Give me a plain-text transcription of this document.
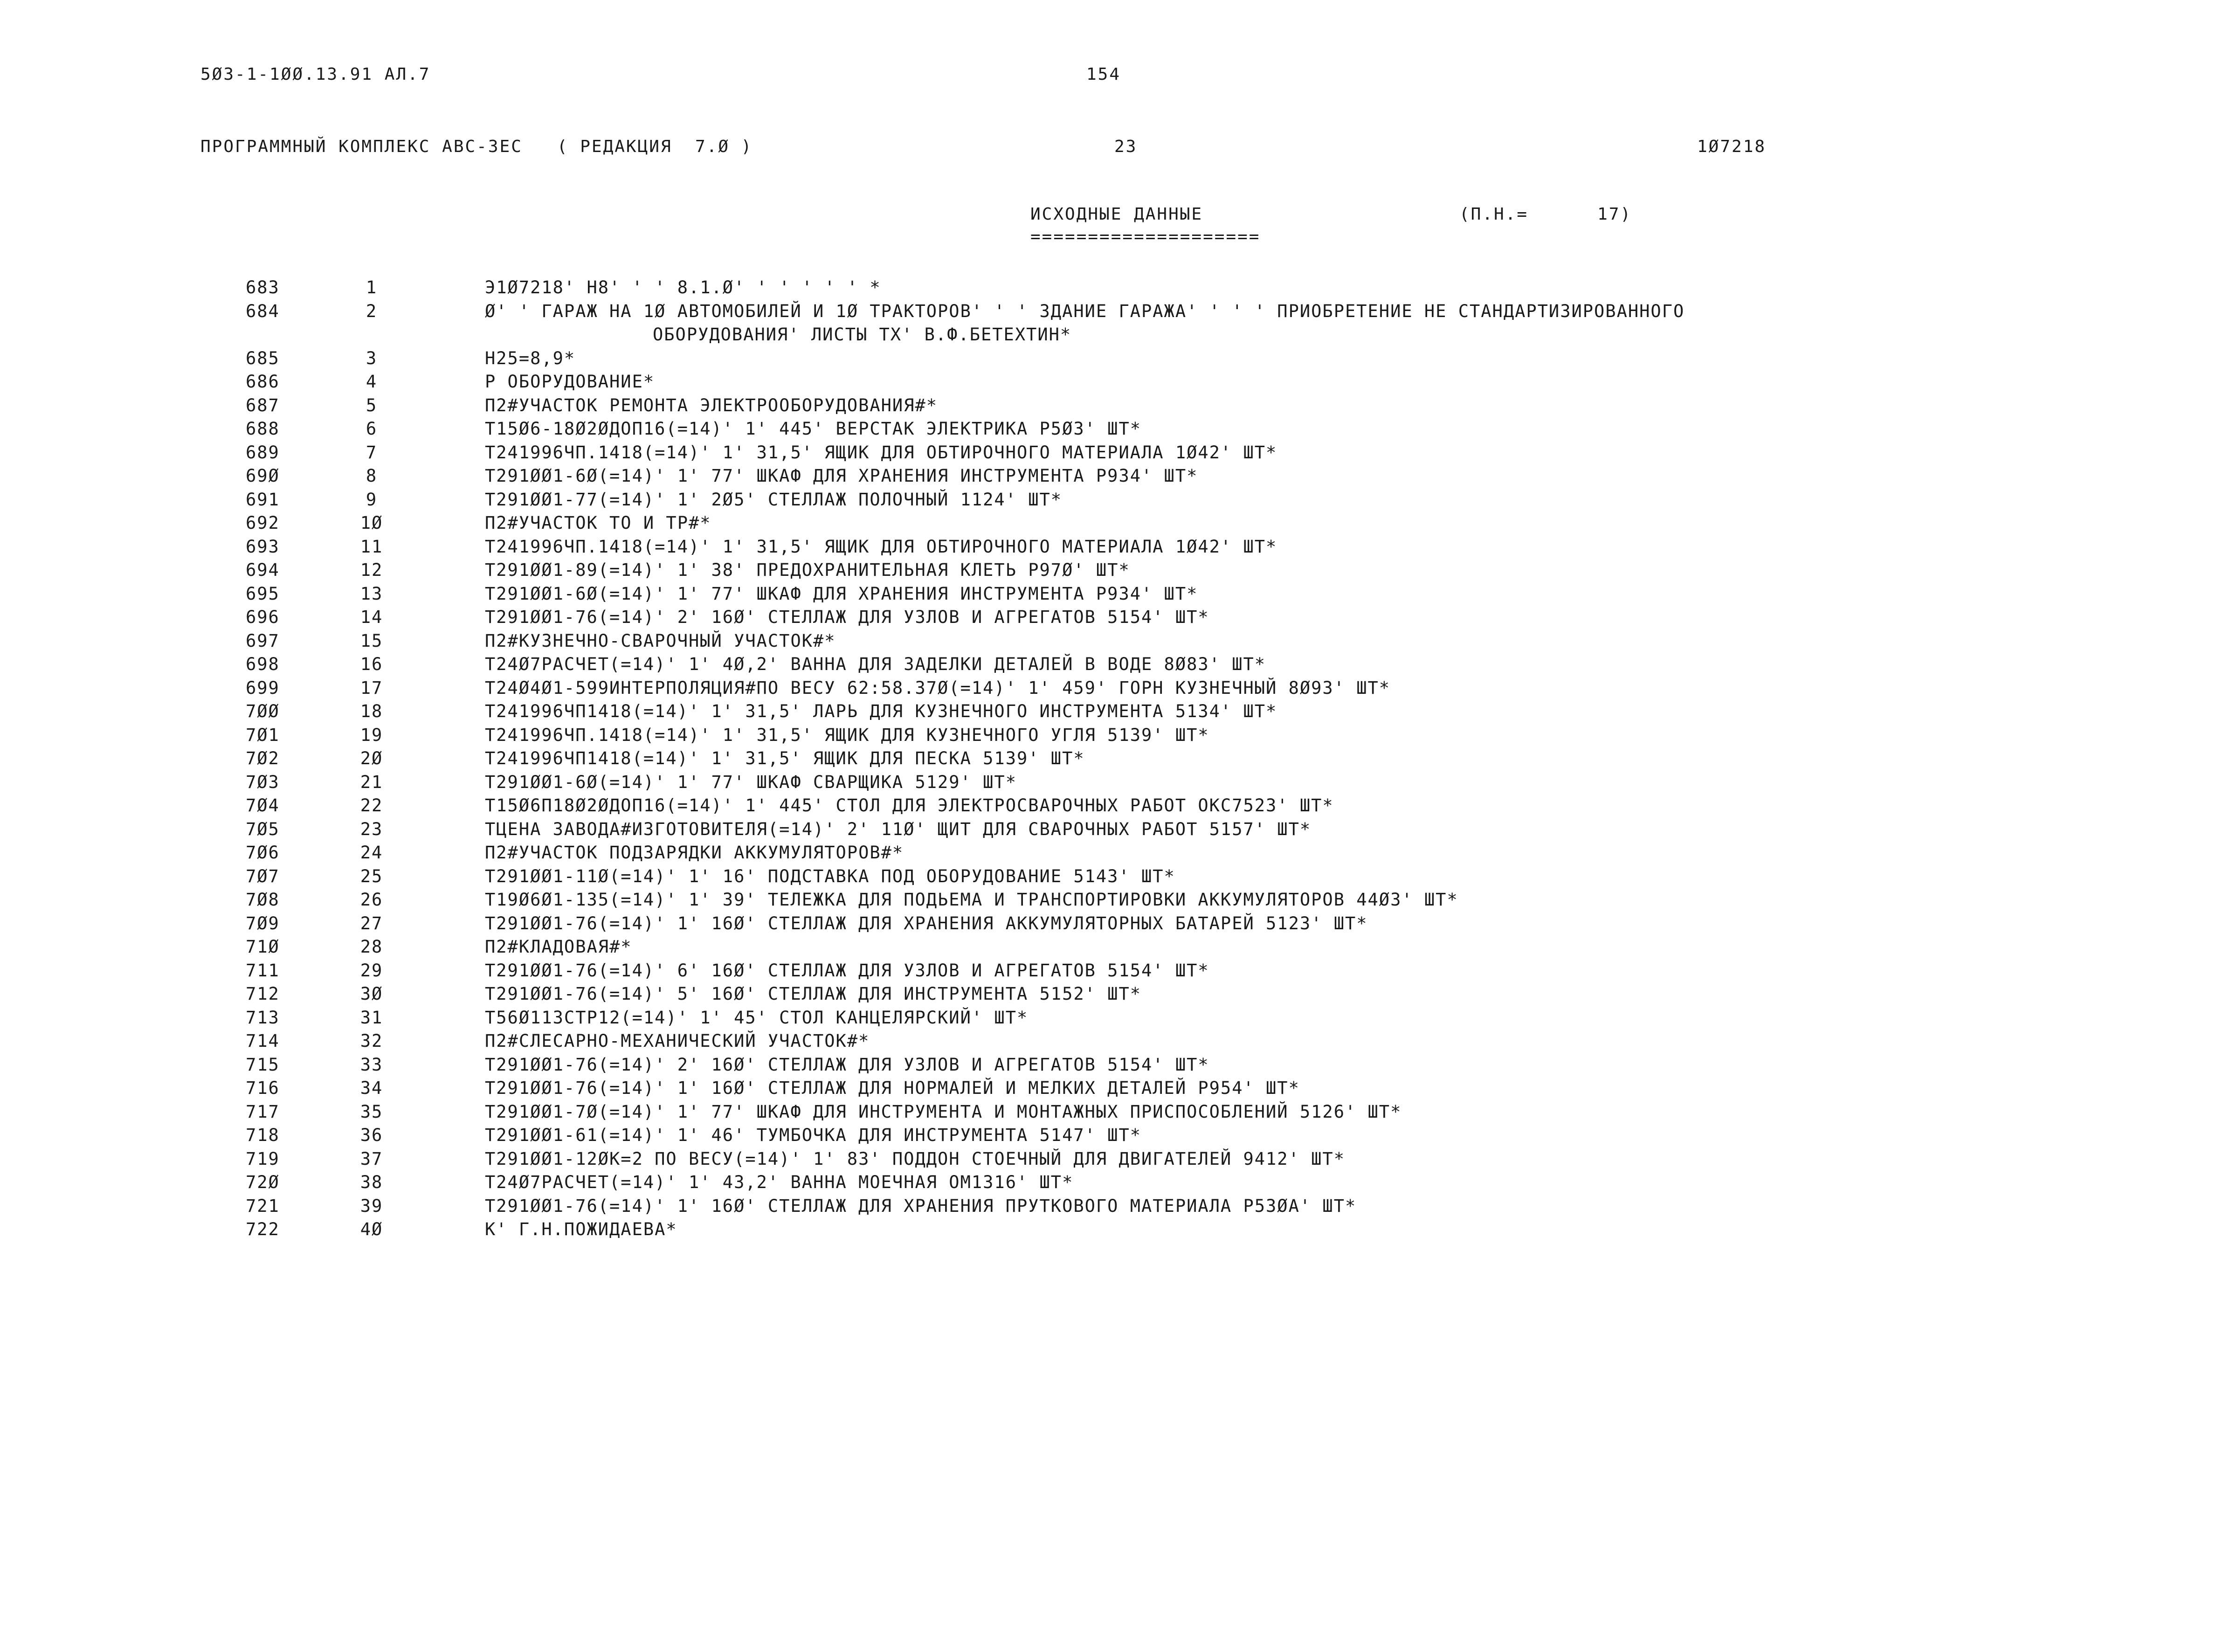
5Ø3-1-1ØØ.13.91 АЛ.7	154
ПРОГРАММНЫЙ КОМПЛЕКС АВС-3ЕС   ( РЕДАКЦИЯ  7.Ø )	23	1Ø7218
ИСХОДНЫЕ ДАННЫЕ
====================
(П.Н.=      17)
683	1	Э1Ø7218' Н8' ' ' 8.1.Ø' ' ' ' ' ' *
684	2	Ø' ' ГАРАЖ НА 1Ø АВТОМОБИЛЕЙ И 1Ø ТРАКТОРОВ' ' ' ЗДАНИЕ ГАРАЖА' ' ' ' ПРИОБРЕТЕНИЕ НЕ СТАНДАРТИЗИРОВАННОГО
ОБОРУДОВАНИЯ' ЛИСТЫ ТХ' В.Ф.БЕТЕХТИН*
685	3	Н25=8,9*
686	4	Р ОБОРУДОВАНИЕ*
687	5	П2#УЧАСТОК РЕМОНТА ЭЛЕКТРООБОРУДОВАНИЯ#*
688	6	Т15Ø6-18Ø2ØДОП16(=14)' 1' 445' ВЕРСТАК ЭЛЕКТРИКА Р5Ø3' ШТ*
689	7	Т241996ЧП.1418(=14)' 1' 31,5' ЯЩИК ДЛЯ ОБТИРОЧНОГО МАТЕРИАЛА 1Ø42' ШТ*
69Ø	8	Т291ØØ1-6Ø(=14)' 1' 77' ШКАФ ДЛЯ ХРАНЕНИЯ ИНСТРУМЕНТА Р934' ШТ*
691	9	Т291ØØ1-77(=14)' 1' 2Ø5' СТЕЛЛАЖ ПОЛОЧНЫЙ 1124' ШТ*
692	1Ø	П2#УЧАСТОК ТО И ТР#*
693	11	Т241996ЧП.1418(=14)' 1' 31,5' ЯЩИК ДЛЯ ОБТИРОЧНОГО МАТЕРИАЛА 1Ø42' ШТ*
694	12	Т291ØØ1-89(=14)' 1' 38' ПРЕДОХРАНИТЕЛЬНАЯ КЛЕТЬ Р97Ø' ШТ*
695	13	Т291ØØ1-6Ø(=14)' 1' 77' ШКАФ ДЛЯ ХРАНЕНИЯ ИНСТРУМЕНТА Р934' ШТ*
696	14	Т291ØØ1-76(=14)' 2' 16Ø' СТЕЛЛАЖ ДЛЯ УЗЛОВ И АГРЕГАТОВ 5154' ШТ*
697	15	П2#КУЗНЕЧНО-СВАРОЧНЫЙ УЧАСТОК#*
698	16	Т24Ø7РАСЧЕТ(=14)' 1' 4Ø,2' ВАННА ДЛЯ ЗАДЕЛКИ ДЕТАЛЕЙ В ВОДЕ 8Ø83' ШТ*
699	17	Т24Ø4Ø1-599ИНТЕРПОЛЯЦИЯ#ПО ВЕСУ 62:58.37Ø(=14)' 1' 459' ГОРН КУЗНЕЧНЫЙ 8Ø93' ШТ*
7ØØ	18	Т241996ЧП1418(=14)' 1' 31,5' ЛАРЬ ДЛЯ КУЗНЕЧНОГО ИНСТРУМЕНТА 5134' ШТ*
7Ø1	19	Т241996ЧП.1418(=14)' 1' 31,5' ЯЩИК ДЛЯ КУЗНЕЧНОГО УГЛЯ 5139' ШТ*
7Ø2	2Ø	Т241996ЧП1418(=14)' 1' 31,5' ЯЩИК ДЛЯ ПЕСКА 5139' ШТ*
7Ø3	21	Т291ØØ1-6Ø(=14)' 1' 77' ШКАФ СВАРЩИКА 5129' ШТ*
7Ø4	22	Т15Ø6П18Ø2ØДОП16(=14)' 1' 445' СТОЛ ДЛЯ ЭЛЕКТРОСВАРОЧНЫХ РАБОТ ОКС7523' ШТ*
7Ø5	23	ТЦЕНА ЗАВОДА#ИЗГОТОВИТЕЛЯ(=14)' 2' 11Ø' ЩИТ ДЛЯ СВАРОЧНЫХ РАБОТ 5157' ШТ*
7Ø6	24	П2#УЧАСТОК ПОДЗАРЯДКИ АККУМУЛЯТОРОВ#*
7Ø7	25	Т291ØØ1-11Ø(=14)' 1' 16' ПОДСТАВКА ПОД ОБОРУДОВАНИЕ 5143' ШТ*
7Ø8	26	Т19Ø6Ø1-135(=14)' 1' 39' ТЕЛЕЖКА ДЛЯ ПОДЬЕМА И ТРАНСПОРТИРОВКИ АККУМУЛЯТОРОВ 44Ø3' ШТ*
7Ø9	27	Т291ØØ1-76(=14)' 1' 16Ø' СТЕЛЛАЖ ДЛЯ ХРАНЕНИЯ АККУМУЛЯТОРНЫХ БАТАРЕЙ 5123' ШТ*
71Ø	28	П2#КЛАДОВАЯ#*
711	29	Т291ØØ1-76(=14)' 6' 16Ø' СТЕЛЛАЖ ДЛЯ УЗЛОВ И АГРЕГАТОВ 5154' ШТ*
712	3Ø	Т291ØØ1-76(=14)' 5' 16Ø' СТЕЛЛАЖ ДЛЯ ИНСТРУМЕНТА 5152' ШТ*
713	31	Т56Ø113СТР12(=14)' 1' 45' СТОЛ КАНЦЕЛЯРСКИЙ' ШТ*
714	32	П2#СЛЕСАРНО-МЕХАНИЧЕСКИЙ УЧАСТОК#*
715	33	Т291ØØ1-76(=14)' 2' 16Ø' СТЕЛЛАЖ ДЛЯ УЗЛОВ И АГРЕГАТОВ 5154' ШТ*
716	34	Т291ØØ1-76(=14)' 1' 16Ø' СТЕЛЛАЖ ДЛЯ НОРМАЛЕЙ И МЕЛКИХ ДЕТАЛЕЙ Р954' ШТ*
717	35	Т291ØØ1-7Ø(=14)' 1' 77' ШКАФ ДЛЯ ИНСТРУМЕНТА И МОНТАЖНЫХ ПРИСПОСОБЛЕНИЙ 5126' ШТ*
718	36	Т291ØØ1-61(=14)' 1' 46' ТУМБОЧКА ДЛЯ ИНСТРУМЕНТА 5147' ШТ*
719	37	Т291ØØ1-12ØК=2 ПО ВЕСУ(=14)' 1' 83' ПОДДОН СТОЕЧНЫЙ ДЛЯ ДВИГАТЕЛЕЙ 9412' ШТ*
72Ø	38	Т24Ø7РАСЧЕТ(=14)' 1' 43,2' ВАННА МОЕЧНАЯ ОМ1316' ШТ*
721	39	Т291ØØ1-76(=14)' 1' 16Ø' СТЕЛЛАЖ ДЛЯ ХРАНЕНИЯ ПРУТКОВОГО МАТЕРИАЛА Р53ØА' ШТ*
722	4Ø	К' Г.Н.ПОЖИДАЕВА*
